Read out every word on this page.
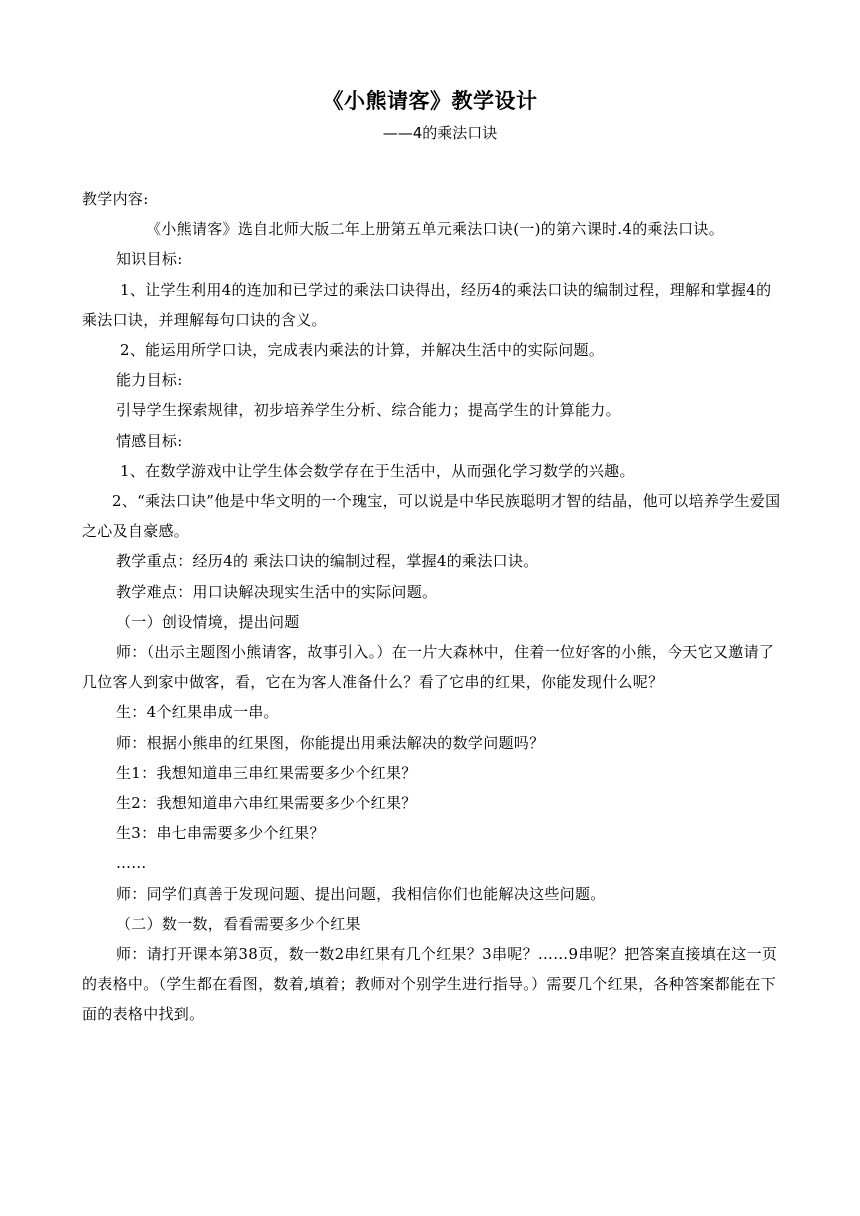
《小熊请客》教学设计
——4的乘法口诀

教学内容:

《小熊请客》选自北师大版二年上册第五单元乘法口诀(一)的第六课时.4的乘法口诀。

知识目标:

1、让学生利用4的连加和已学过的乘法口诀得出，经历4的乘法口诀的编制过程，理解和掌握4的乘法口诀，并理解每句口诀的含义。

2、能运用所学口诀，完成表内乘法的计算，并解决生活中的实际问题。

能力目标:

引导学生探索规律，初步培养学生分析、综合能力；提高学生的计算能力。

情感目标:

1、在数学游戏中让学生体会数学存在于生活中，从而强化学习数学的兴趣。

2、“乘法口诀”他是中华文明的一个瑰宝，可以说是中华民族聪明才智的结晶，他可以培养学生爱国之心及自豪感。

教学重点：经历4的 乘法口诀的编制过程，掌握4的乘法口诀。

教学难点：用口诀解决现实生活中的实际问题。

（一）创设情境，提出问题

师：（出示主题图小熊请客，故事引入。）在一片大森林中，住着一位好客的小熊，今天它又邀请了几位客人到家中做客，看，它在为客人准备什么？看了它串的红果，你能发现什么呢？

生：4个红果串成一串。

师：根据小熊串的红果图，你能提出用乘法解决的数学问题吗？

生1：我想知道串三串红果需要多少个红果？

生2：我想知道串六串红果需要多少个红果？

生3：串七串需要多少个红果？

……

师：同学们真善于发现问题、提出问题，我相信你们也能解决这些问题。

（二）数一数，看看需要多少个红果

师：请打开课本第38页，数一数2串红果有几个红果？3串呢？……9串呢？把答案直接填在这一页的表格中。（学生都在看图，数着,填着；教师对个别学生进行指导。）需要几个红果，各种答案都能在下面的表格中找到。
